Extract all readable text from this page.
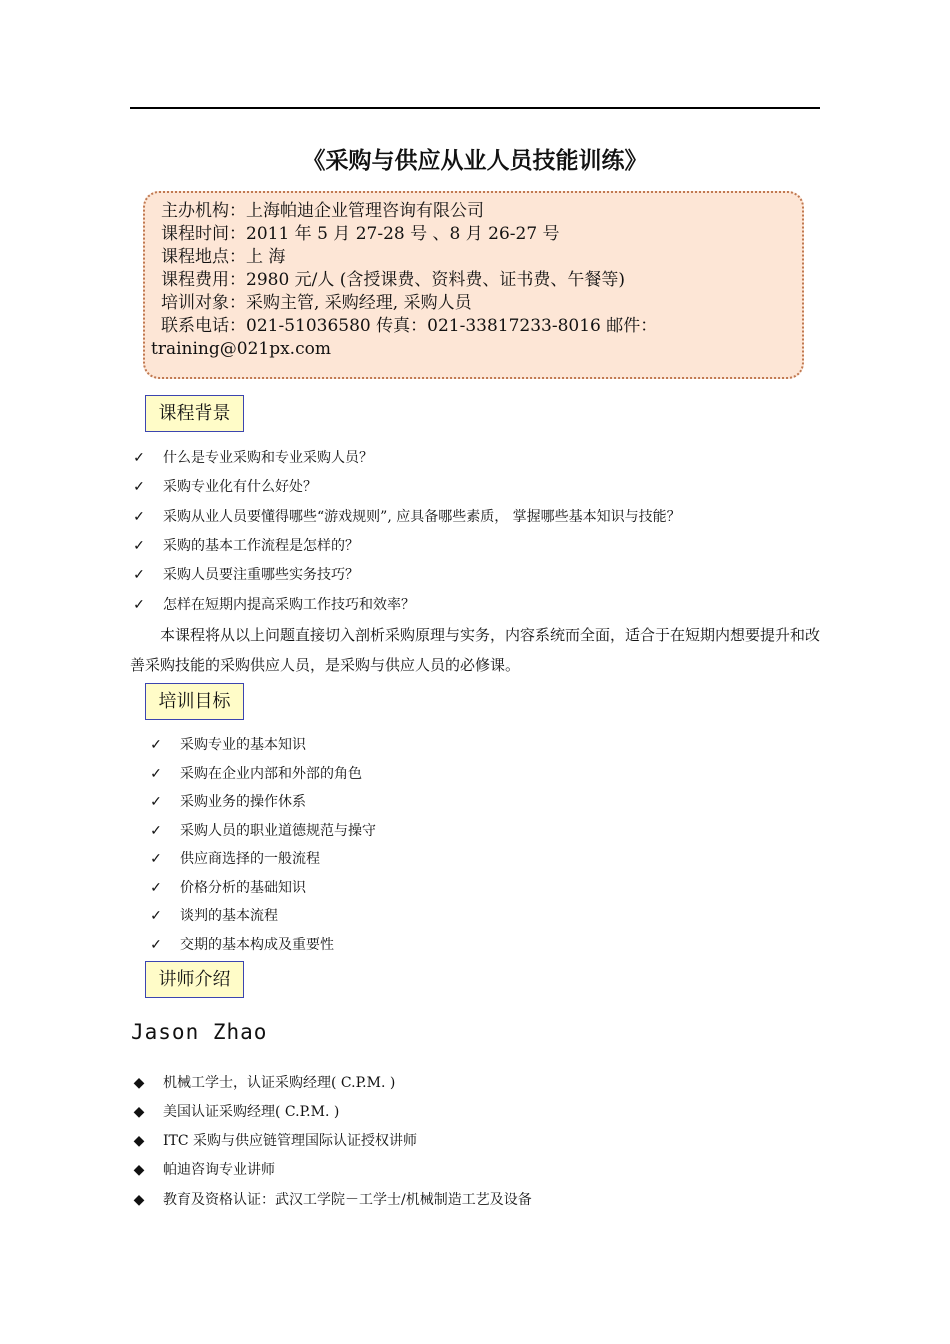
《采购与供应从业人员技能训练》
主办机构：上海帕迪企业管理咨询有限公司
课程时间：2011 年 5 月 27-28 号 、8 月 26-27 号
课程地点：上 海
课程费用：2980 元/人 (含授课费、资料费、证书费、午餐等)
培训对象：采购主管, 采购经理, 采购人员
联系电话：021-51036580 传真：021-33817233-8016 邮件：
training@021px.com
课程背景
✓ 什么是专业采购和专业采购人员？
✓ 采购专业化有什么好处？
✓ 采购从业人员要懂得哪些“游戏规则”, 应具备哪些素质， 掌握哪些基本知识与技能？
✓ 采购的基本工作流程是怎样的？
✓ 采购人员要注重哪些实务技巧？
✓ 怎样在短期内提高采购工作技巧和效率？
本课程将从以上问题直接切入剖析采购原理与实务，内容系统而全面，适合于在短期内想要提升和改善采购技能的采购供应人员，是采购与供应人员的必修课。
培训目标
✓ 采购专业的基本知识
✓ 采购在企业内部和外部的角色
✓ 采购业务的操作休系
✓ 采购人员的职业道德规范与操守
✓ 供应商选择的一般流程
✓ 价格分析的基础知识
✓ 谈判的基本流程
✓ 交期的基本构成及重要性
讲师介绍
Jason Zhao
◆ 机械工学士，认证采购经理( C.P.M. )
◆ 美国认证采购经理( C.P.M. )
◆ ITC 采购与供应链管理国际认证授权讲师
◆ 帕迪咨询专业讲师
◆ 教育及资格认证：武汉工学院－工学士/机械制造工艺及设备
